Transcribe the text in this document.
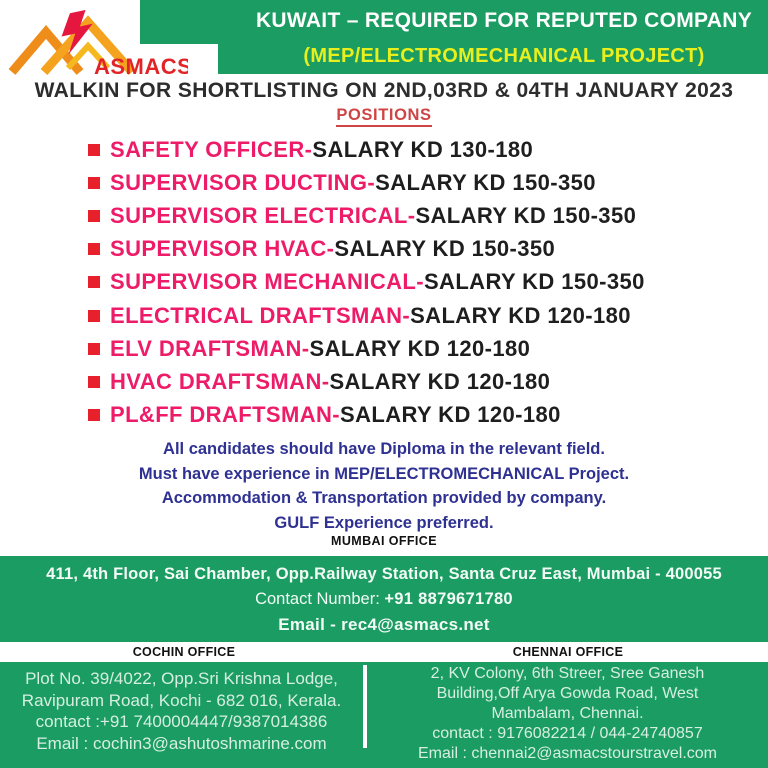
ASMACS
KUWAIT – REQUIRED FOR REPUTED COMPANY
(MEP/ELECTROMECHANICAL PROJECT)
WALKIN FOR SHORTLISTING ON 2ND,03RD & 04TH JANUARY 2023
POSITIONS
SAFETY OFFICER- SALARY KD 130-180
SUPERVISOR DUCTING- SALARY KD 150-350
SUPERVISOR ELECTRICAL- SALARY KD 150-350
SUPERVISOR HVAC- SALARY KD 150-350
SUPERVISOR MECHANICAL- SALARY KD 150-350
ELECTRICAL DRAFTSMAN- SALARY KD 120-180
ELV DRAFTSMAN- SALARY KD 120-180
HVAC DRAFTSMAN- SALARY KD 120-180
PL&FF DRAFTSMAN- SALARY KD 120-180
All candidates should have Diploma in the relevant field.
Must have experience in MEP/ELECTROMECHANICAL Project.
Accommodation & Transportation provided by company.
GULF Experience preferred.
MUMBAI OFFICE
411, 4th Floor, Sai Chamber, Opp.Railway Station, Santa Cruz East, Mumbai - 400055
Contact Number: +91 8879671780
Email - rec4@asmacs.net
COCHIN OFFICE	CHENNAI OFFICE
Plot No. 39/4022, Opp.Sri Krishna Lodge,
Ravipuram Road, Kochi - 682 016, Kerala.
contact :+91 7400004447/9387014386
Email : cochin3@ashutoshmarine.com
2, KV Colony, 6th Streer, Sree Ganesh
Building,Off Arya Gowda Road, West
Mambalam, Chennai.
contact : 9176082214 / 044-24740857
Email : chennai2@asmacstourstravel.com
